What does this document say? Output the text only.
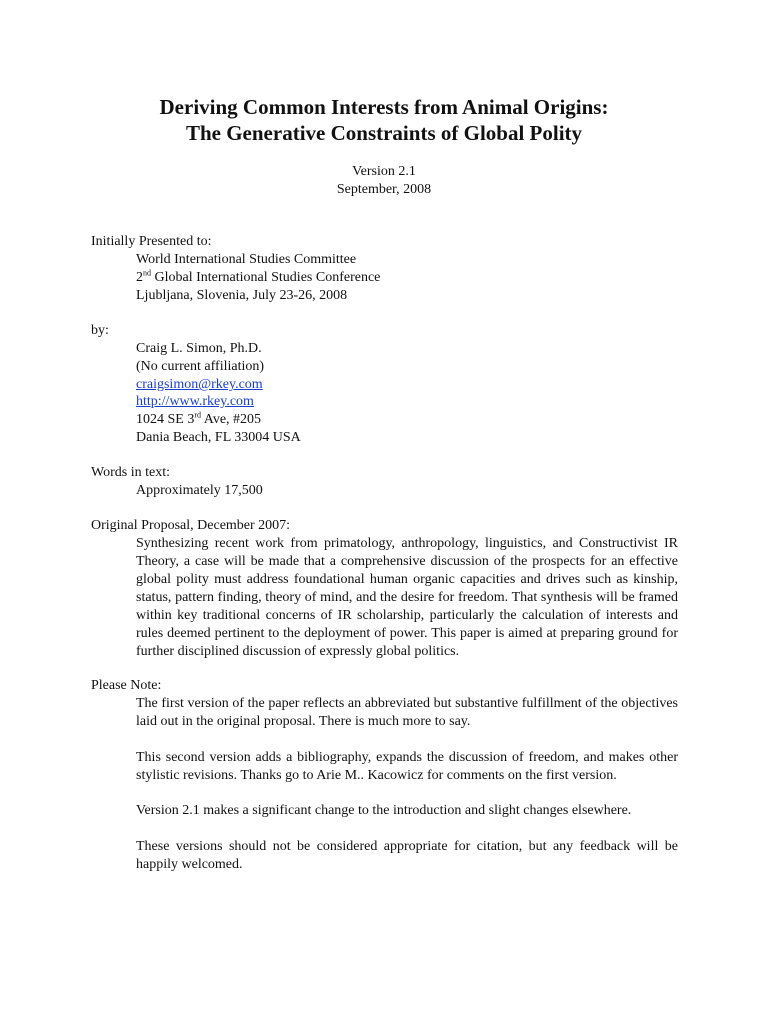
Deriving Common Interests from Animal Origins:
The Generative Constraints of Global Polity
Version 2.1
September, 2008
Initially Presented to:
World International Studies Committee
2nd Global International Studies Conference
Ljubljana, Slovenia, July 23-26, 2008
by:
Craig L. Simon, Ph.D.
(No current affiliation)
craigsimon@rkey.com
http://www.rkey.com
1024 SE 3rd Ave, #205
Dania Beach, FL 33004 USA
Words in text:
Approximately 17,500
Original Proposal, December 2007:
Synthesizing recent work from primatology, anthropology, linguistics, and Constructivist IR Theory, a case will be made that a comprehensive discussion of the prospects for an effective global polity must address foundational human organic capacities and drives such as kinship, status, pattern finding, theory of mind, and the desire for freedom. That synthesis will be framed within key traditional concerns of IR scholarship, particularly the calculation of interests and rules deemed pertinent to the deployment of power. This paper is aimed at preparing ground for further disciplined discussion of expressly global politics.
Please Note:
The first version of the paper reflects an abbreviated but substantive fulfillment of the objectives laid out in the original proposal. There is much more to say.
This second version adds a bibliography, expands the discussion of freedom, and makes other stylistic revisions. Thanks go to Arie M.. Kacowicz for comments on the first version.
Version 2.1 makes a significant change to the introduction and slight changes elsewhere.
These versions should not be considered appropriate for citation, but any feedback will be happily welcomed.
